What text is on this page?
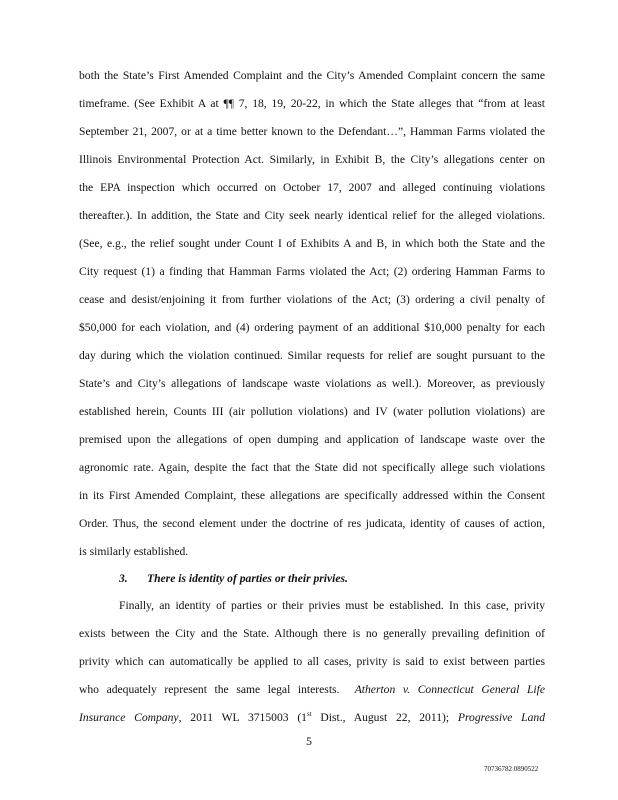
both the State’s First Amended Complaint and the City’s Amended Complaint concern the same
timeframe. (See Exhibit A at ¶¶ 7, 18, 19, 20-22, in which the State alleges that “from at least
September 21, 2007, or at a time better known to the Defendant…”, Hamman Farms violated the
Illinois Environmental Protection Act. Similarly, in Exhibit B, the City’s allegations center on
the EPA inspection which occurred on October 17, 2007 and alleged continuing violations
thereafter.). In addition, the State and City seek nearly identical relief for the alleged violations.
(See, e.g., the relief sought under Count I of Exhibits A and B, in which both the State and the
City request (1) a finding that Hamman Farms violated the Act; (2) ordering Hamman Farms to
cease and desist/enjoining it from further violations of the Act; (3) ordering a civil penalty of
$50,000 for each violation, and (4) ordering payment of an additional $10,000 penalty for each
day during which the violation continued. Similar requests for relief are sought pursuant to the
State’s and City’s allegations of landscape waste violations as well.). Moreover, as previously
established herein, Counts III (air pollution violations) and IV (water pollution violations) are
premised upon the allegations of open dumping and application of landscape waste over the
agronomic rate. Again, despite the fact that the State did not specifically allege such violations
in its First Amended Complaint, these allegations are specifically addressed within the Consent
Order. Thus, the second element under the doctrine of res judicata, identity of causes of action,
is similarly established.
3. There is identity of parties or their privies.
Finally, an identity of parties or their privies must be established. In this case, privity
exists between the City and the State. Although there is no generally prevailing definition of
privity which can automatically be applied to all cases, privity is said to exist between parties
who adequately represent the same legal interests. Atherton v. Connecticut General Life
Insurance Company, 2011 WL 3715003 (1st Dist., August 22, 2011); Progressive Land
5
70736782 0890522
